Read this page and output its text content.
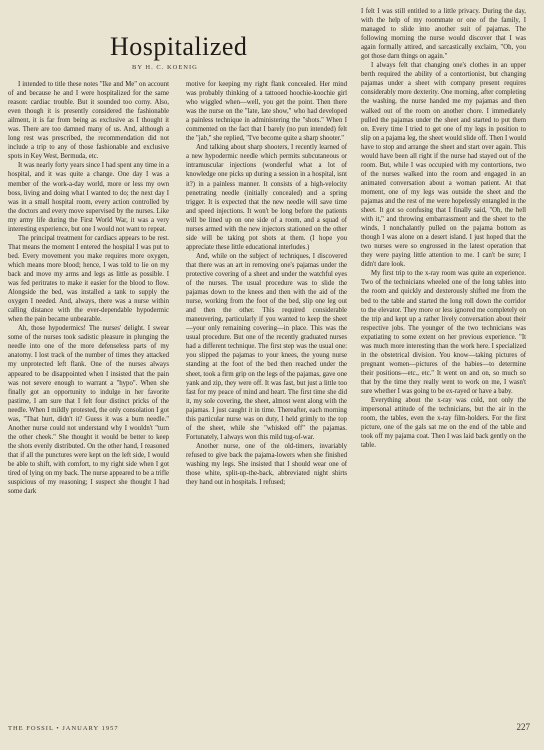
Hospitalized
BY H. C. KOENIG

I intended to title these notes "Ike and Me" on account of and because he and I were hospitalized for the same reason: cardiac trouble. But it sounded too corny. Also, even though it is presently considered the fashionable ailment, it is far from being as exclusive as I thought it was. There are too damned many of us. And, although a long rest was prescribed, the recommendation did not include a trip to any of those fashionable and exclusive spots in Key West, Bermuda, etc.

It was nearly forty years since I had spent any time in a hospital, and it was quite a change. One day I was a member of the work-a-day world, more or less my own boss, living and doing what I wanted to do; the next day I was in a small hospital room, every action controlled by the doctors and every move supervised by the nurses. Like my army life during the First World War, it was a very interesting experience, but one I would not want to repeat.

The principal treatment for cardiacs appears to be rest. That means the moment I entered the hospital I was put to bed. Every movement you make requires more oxygen, which means more blood; hence, I was told to lie on my back and move my arms and legs as little as possible. I was fed peritrates to make it easier for the blood to flow. Alongside the bed, was installed a tank to supply the oxygen I needed. And, always, there was a nurse within calling distance with the ever-dependable hypodermic when the pain became unbearable.

Ah, those hypodermics! The nurses' delight. I swear some of the nurses took sadistic pleasure in plunging the needle into one of the more defenseless parts of my anatomy. I lost track of the number of times they attacked my unprotected left flank. One of the nurses always appeared to be disappointed when I insisted that the pain was not severe enough to warrant a "hypo". When she finally got an opportunity to indulge in her favorite pastime, I am sure that I felt four distinct pricks of the needle. When I mildly protested, the only consolation I got was, "That hurt, didn't it? Guess it was a bum needle." Another nurse could not understand why I wouldn't "turn the other cheek." She thought it would be better to keep the shots evenly distributed. On the other hand, I reasoned that if all the punctures were kept on the left side, I would be able to shift, with comfort, to my right side when I got tired of lying on my back. The nurse appeared to be a trifle suspicious of my reasoning; I suspect she thought I had some dark

motive for keeping my right flank concealed. Her mind was probably thinking of a tattooed hoochie-koochie girl who wiggled when—well, you get the point. Then there was the nurse on the "late, late show," who had developed a painless technique in administering the "shots." When I commented on the fact that I barely (no pun intended) felt the "jab," she replied, "I've become quite a sharp shooter."

And talking about sharp shooters, I recently learned of a new hypodermic needle which permits subcutaneous or intramuscular injections (wonderful what a lot of knowledge one picks up during a session in a hospital, isnt it?) in a painless manner. It consists of a high-velocity penetrating needle (initially concealed) and a spring trigger. It is expected that the new needle will save time and speed injections. It won't be long before the patients will be lined up on one side of a room, and a squad of nurses armed with the new injectors stationed on the other side will be taking pot shots at them. (I hope you appreciate these little educational interludes.)

And, while on the subject of techniques, I discovered that there was an art in removing one's pajamas under the protective covering of a sheet and under the watchful eyes of the nurses. The usual procedure was to slide the pajamas down to the knees and then with the aid of the nurse, working from the foot of the bed, slip one leg out and then the other. This required considerable maneuvering, particularly if you wanted to keep the sheet—your only remaining covering—in place. This was the usual procedure. But one of the recently graduated nurses had a different technique. The first step was the usual one: you slipped the pajamas to your knees, the young nurse standing at the foot of the bed then reached under the sheet, took a firm grip on the legs of the pajamas, gave one yank and zip, they were off. It was fast, but just a little too fast for my peace of mind and heart. The first time she did it, my sole covering, the sheet, almost went along with the pajamas. I just caught it in time. Thereafter, each morning this particular nurse was on duty, I held grimly to the top of the sheet, while she "whisked off" the pajamas. Fortunately, I always won this mild tug-of-war.

Another nurse, one of the old-timers, invariably refused to give back the pajama-lowers when she finished washing my legs. She insisted that I should wear one of those white, split-up-the-back, abbreviated night shirts they hand out in hospitals. I refused;

I felt I was still entitled to a little privacy. During the day, with the help of my roommate or one of the family, I managed to slide into another suit of pajamas. The following morning the nurse would discover that I was again formally attired, and sarcastically exclaim, "Oh, you got those darn things on again."

I always felt that changing one's clothes in an upper berth required the ability of a contortionist, but changing pajamas under a sheet with company present requires considerably more dexterity. One morning, after completing the washing, the nurse handed me my pajamas and then walked out of the room on another chore. I immediately pulled the pajamas under the sheet and started to put them on. Every time I tried to get one of my legs in position to slip on a pajama leg, the sheet would slide off. Then I would have to stop and arrange the sheet and start over again. This would have been all right if the nurse had stayed out of the room. But, while I was occupied with my contortions, two of the nurses walked into the room and engaged in an animated conversation about a woman patient. At that moment, one of my legs was outside the sheet and the pajamas and the rest of me were hopelessly entangled in the sheet. It got so confusing that I finally said, "Oh, the hell with it," and throwing embarrassment and the sheet to the winds, I nonchalantly pulled on the pajama bottom as though I was alone on a desert island. I just hoped that the two nurses were so engrossed in the latest operation that they were paying little attention to me. I can't be sure; I didn't dare look.

My first trip to the x-ray room was quite an experience. Two of the technicians wheeled one of the long tables into the room and quickly and dexterously shifted me from the bed to the table and started the long roll down the corridor to the elevator. They more or less ignored me completely on the trip and kept up a rather lively conversation about their respective jobs. The younger of the two technicians was expatiating to some extent on her previous experience. "It was much more interesting than the work here. I specialized in the obstetrical division. You know—taking pictures of pregnant women—pictures of the babies—to determine their positions—etc., etc." It went on and on, so much so that by the time they really went to work on me, I wasn't sure whether I was going to be ex-rayed or have a baby.

Everything about the x-ray was cold, not only the impersonal attitude of the technicians, but the air in the room, the tables, even the x-ray film-holders. For the first picture, one of the gals sat me on the end of the table and took off my pajama coat. Then I was laid back gently on the table.

THE FOSSIL • JANUARY 1957	227
